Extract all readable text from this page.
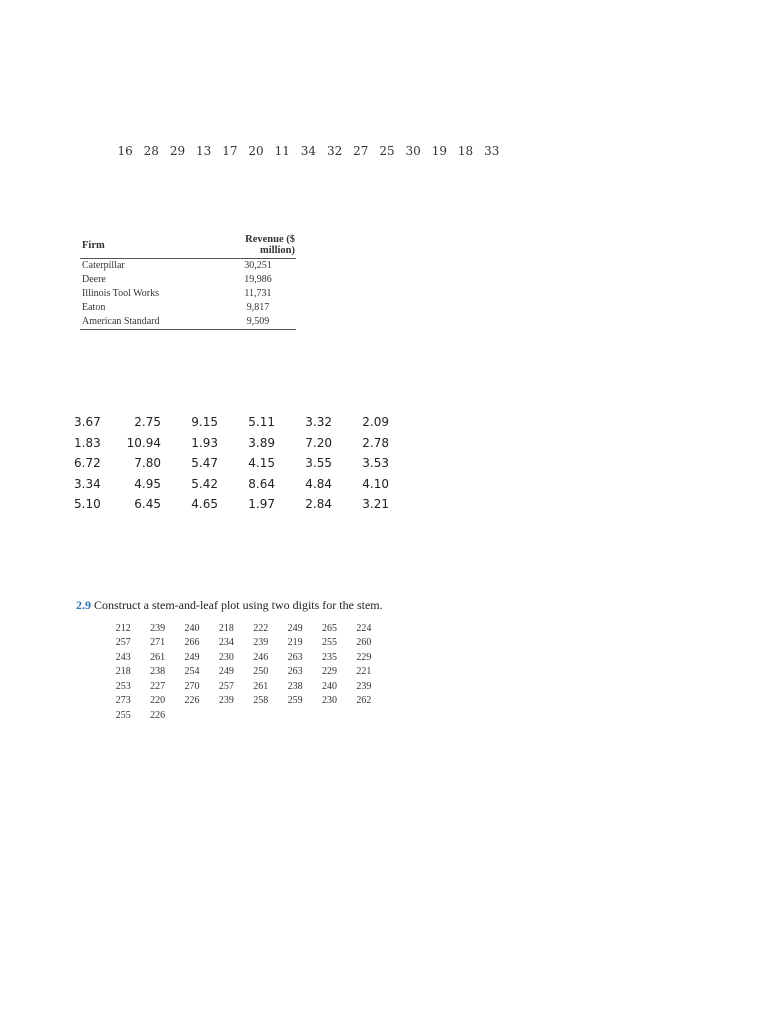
16 28 29 13 17 20 11 34 32 27 25 30 19 18 33
Firm	Revenue ($ million)
Caterpillar	30,251
Deere	19,986
Illinois Tool Works	11,731
Eaton	9,817
American Standard	9,509
3.67	2.75	9.15	5.11	3.32	2.09
1.83	10.94	1.93	3.89	7.20	2.78
6.72	7.80	5.47	4.15	3.55	3.53
3.34	4.95	5.42	8.64	4.84	4.10
5.10	6.45	4.65	1.97	2.84	3.21
2.9 Construct a stem-and-leaf plot using two digits for the stem.
212	239	240	218	222	249	265	224
257	271	266	234	239	219	255	260
243	261	249	230	246	263	235	229
218	238	254	249	250	263	229	221
253	227	270	257	261	238	240	239
273	220	226	239	258	259	230	262
255	226
